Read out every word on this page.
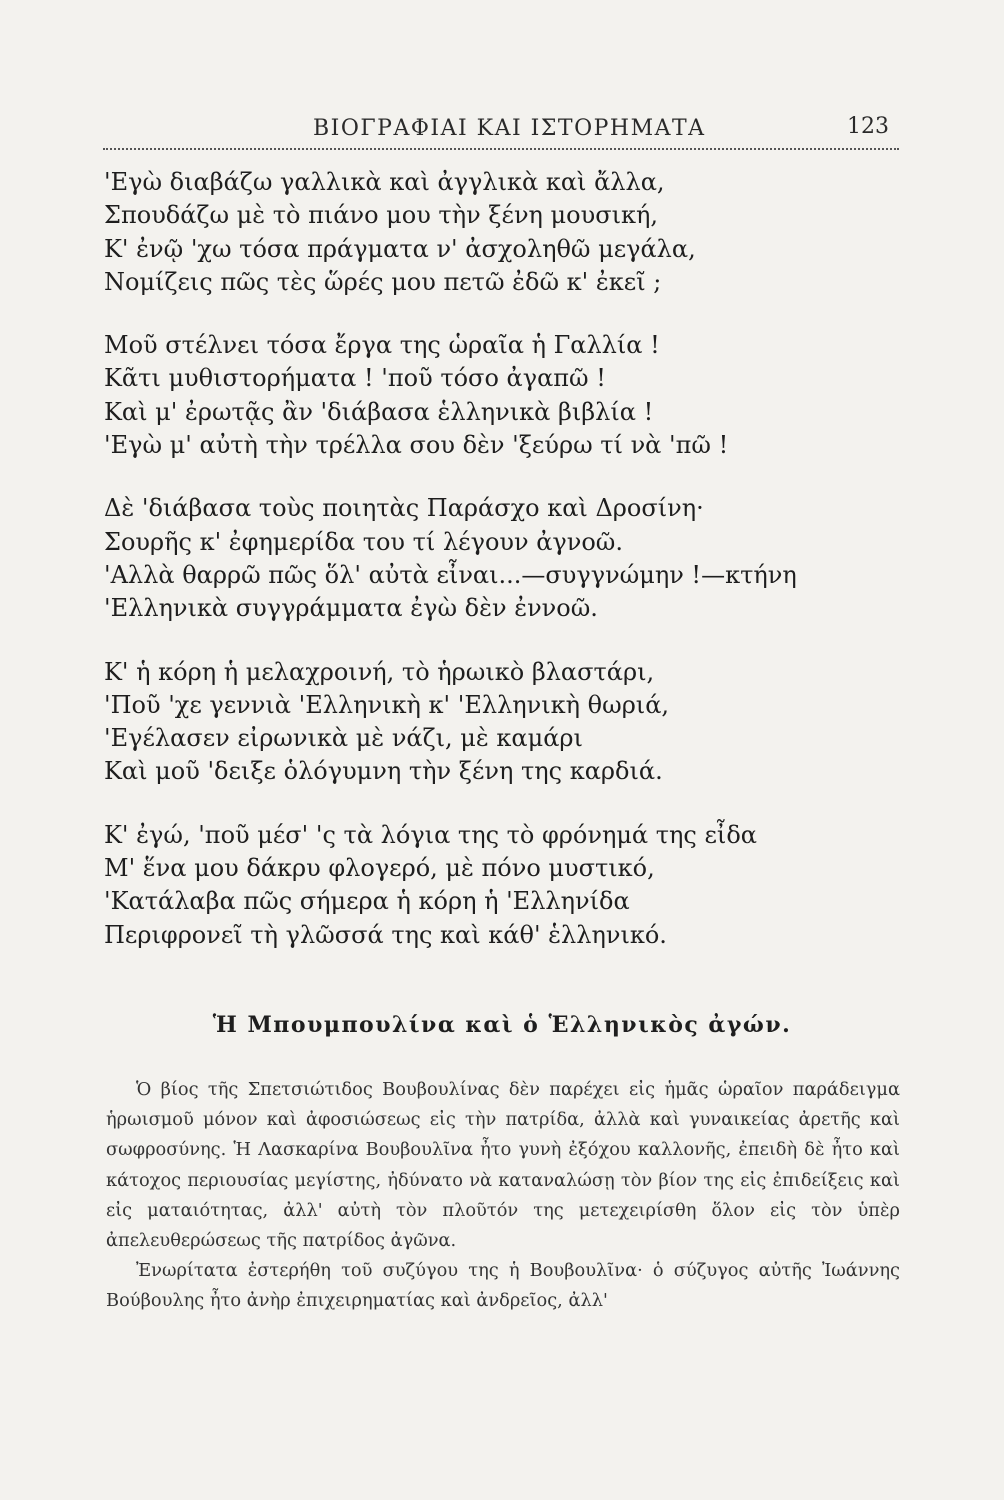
ΒΙΟΓΡΑΦΙΑΙ ΚΑΙ ΙΣΤΟΡΗΜΑΤΑ	123
'Εγὼ διαβάζω γαλλικὰ καὶ ἀγγλικὰ καὶ ἄλλα,
Σπουδάζω μὲ τὸ πιάνο μου τὴν ξένη μουσική,
Κ' ἐνῷ 'χω τόσα πράγματα ν' ἀσχοληθῶ μεγάλα,
Νομίζεις πῶς τὲς ὥρές μου πετῶ ἐδῶ κ' ἐκεῖ ;
Μοῦ στέλνει τόσα ἔργα της ὡραῖα ἡ Γαλλία !
Κᾶτι μυθιστορήματα ! 'ποῦ τόσο ἀγαπῶ !
Καὶ μ' ἐρωτᾷς ἂν 'διάβασα ἑλληνικὰ βιβλία !
'Εγὼ μ' αὐτὴ τὴν τρέλλα σου δὲν 'ξεύρω τί νὰ 'πῶ !
Δὲ 'διάβασα τοὺς ποιητὰς Παράσχο καὶ Δροσίνη·
Σουρῆς κ' ἐφημερίδα του τί λέγουν ἀγνοῶ.
'Αλλὰ θαρρῶ πῶς ὅλ' αὐτὰ εἶναι...—συγγνώμην !—κτήνη
'Ελληνικὰ συγγράμματα ἐγὼ δὲν ἐννοῶ.
Κ' ἡ κόρη ἡ μελαχροινή, τὸ ἡρωικὸ βλαστάρι,
'Ποῦ 'χε γεννιὰ 'Ελληνικὴ κ' 'Ελληνικὴ θωριά,
'Εγέλασεν εἰρωνικὰ μὲ νάζι, μὲ καμάρι
Καὶ μοῦ 'δειξε ὁλόγυμνη τὴν ξένη της καρδιά.
Κ' ἐγώ, 'ποῦ μέσ' 'ς τὰ λόγια της τὸ φρόνημά της εἶδα
Μ' ἕνα μου δάκρυ φλογερό, μὲ πόνο μυστικό,
'Κατάλαβα πῶς σήμερα ἡ κόρη ἡ 'Ελληνίδα
Περιφρονεῖ τὴ γλῶσσά της καὶ κάθ' ἑλληνικό.
Ἡ Μπουμπουλίνα καὶ ὁ Ἑλληνικὸς ἀγών.

Ὁ βίος τῆς Σπετσιώτιδος Βουβουλίνας δὲν παρέχει εἰς ἡμᾶς ὡραῖον παράδειγμα ἡρωισμοῦ μόνον καὶ ἀφοσιώσεως εἰς τὴν πατρίδα, ἀλλὰ καὶ γυναικείας ἀρετῆς καὶ σωφροσύνης. Ἡ Λασκαρίνα Βουβουλῖνα ἦτο γυνὴ ἐξόχου καλλονῆς, ἐπειδὴ δὲ ἦτο καὶ κάτοχος περιουσίας μεγίστης, ἠδύνατο νὰ καταναλώσῃ τὸν βίον της εἰς ἐπιδείξεις καὶ εἰς ματαιότητας, ἀλλ' αὐτὴ τὸν πλοῦτόν της μετεχειρίσθη ὅλον εἰς τὸν ὑπὲρ ἀπελευθερώσεως τῆς πατρίδος ἀγῶνα.

Ἐνωρίτατα ἐστερήθη τοῦ συζύγου της ἡ Βουβουλῖνα· ὁ σύζυγος αὐτῆς Ἰωάννης Βούβουλης ἦτο ἀνὴρ ἐπιχειρηματίας καὶ ἀνδρεῖος, ἀλλ'
